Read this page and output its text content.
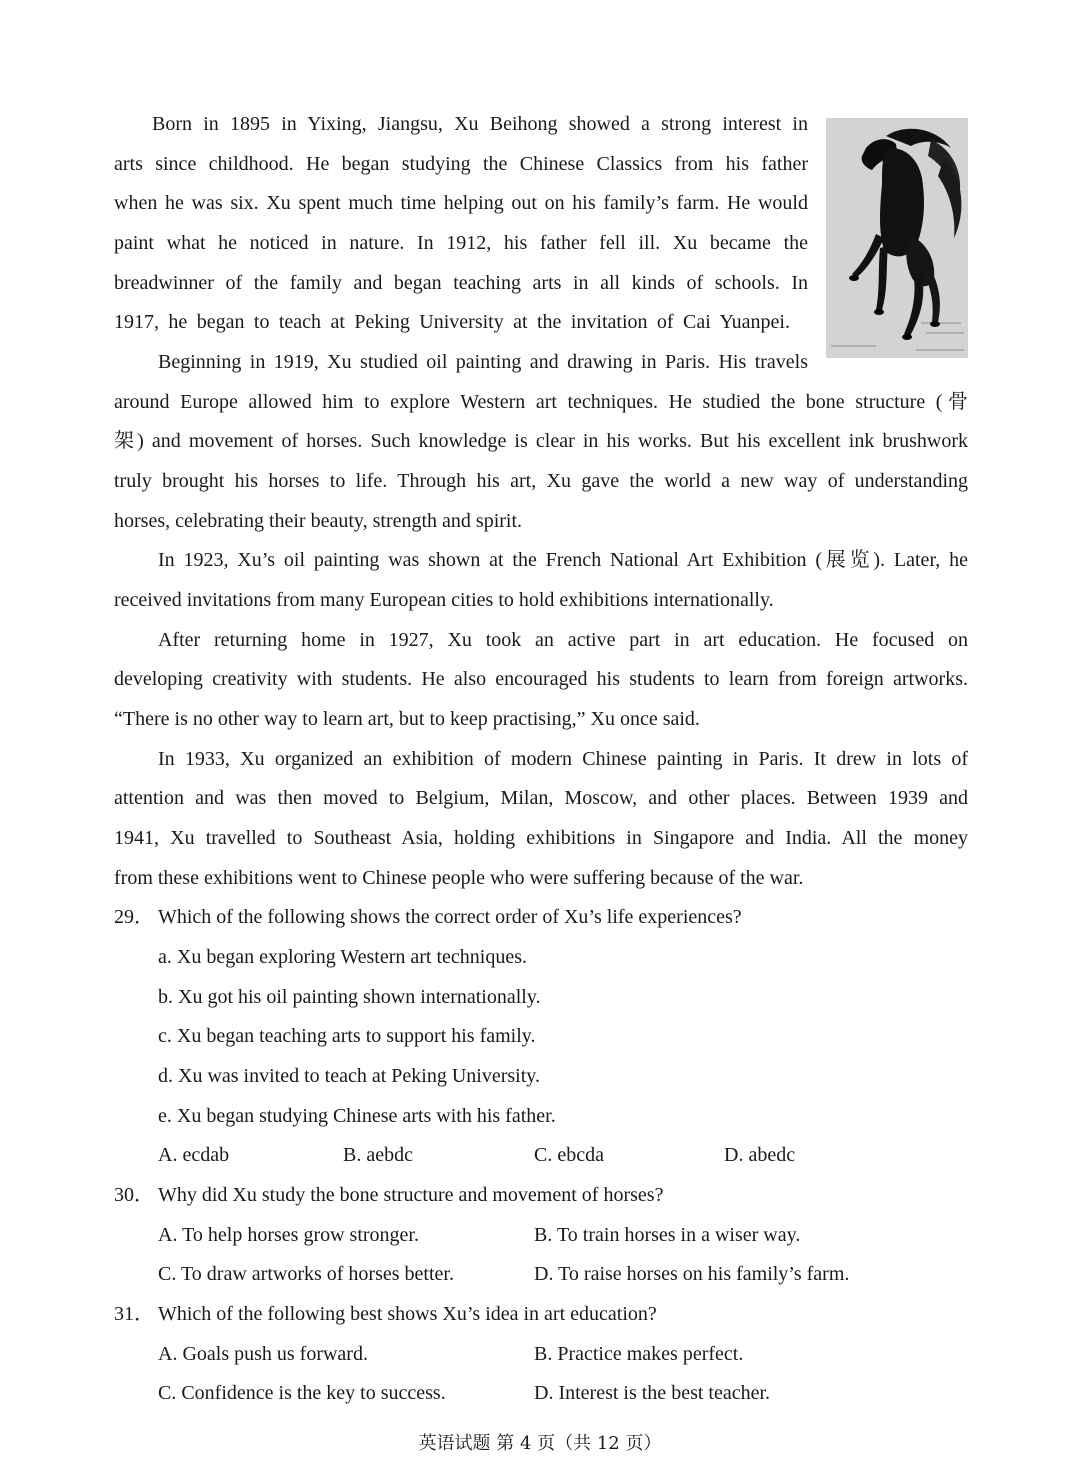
Born in 1895 in Yixing, Jiangsu, Xu Beihong showed a strong interest in
arts since childhood. He began studying the Chinese Classics from his father
when he was six. Xu spent much time helping out on his family’s farm. He would
paint what he noticed in nature. In 1912, his father fell ill. Xu became the
breadwinner of the family and began teaching arts in all kinds of schools. In
1917, he began to teach at Peking University at the invitation of Cai Yuanpei.
Beginning in 1919, Xu studied oil painting and drawing in Paris. His travels
around Europe allowed him to explore Western art techniques. He studied the bone structure (骨
架) and movement of horses. Such knowledge is clear in his works. But his excellent ink brushwork
truly brought his horses to life. Through his art, Xu gave the world a new way of understanding
horses, celebrating their beauty, strength and spirit.
In 1923, Xu’s oil painting was shown at the French National Art Exhibition (展览). Later, he
received invitations from many European cities to hold exhibitions internationally.
After returning home in 1927, Xu took an active part in art education. He focused on
developing creativity with students. He also encouraged his students to learn from foreign artworks.
“There is no other way to learn art, but to keep practising,” Xu once said.
In 1933, Xu organized an exhibition of modern Chinese painting in Paris. It drew in lots of
attention and was then moved to Belgium, Milan, Moscow, and other places. Between 1939 and
1941, Xu travelled to Southeast Asia, holding exhibitions in Singapore and India. All the money
from these exhibitions went to Chinese people who were suffering because of the war.
29． Which of the following shows the correct order of Xu’s life experiences?
a. Xu began exploring Western art techniques.
b. Xu got his oil painting shown internationally.
c. Xu began teaching arts to support his family.
d. Xu was invited to teach at Peking University.
e. Xu began studying Chinese arts with his father.
A. ecdab	B. aebdc	C. ebcda	D. abedc
30． Why did Xu study the bone structure and movement of horses?
A. To help horses grow stronger.	B. To train horses in a wiser way.
C. To draw artworks of horses better.	D. To raise horses on his family’s farm.
31． Which of the following best shows Xu’s idea in art education?
A. Goals push us forward.	B. Practice makes perfect.
C. Confidence is the key to success.	D. Interest is the best teacher.
英语试题 第 4 页（共 12 页）
